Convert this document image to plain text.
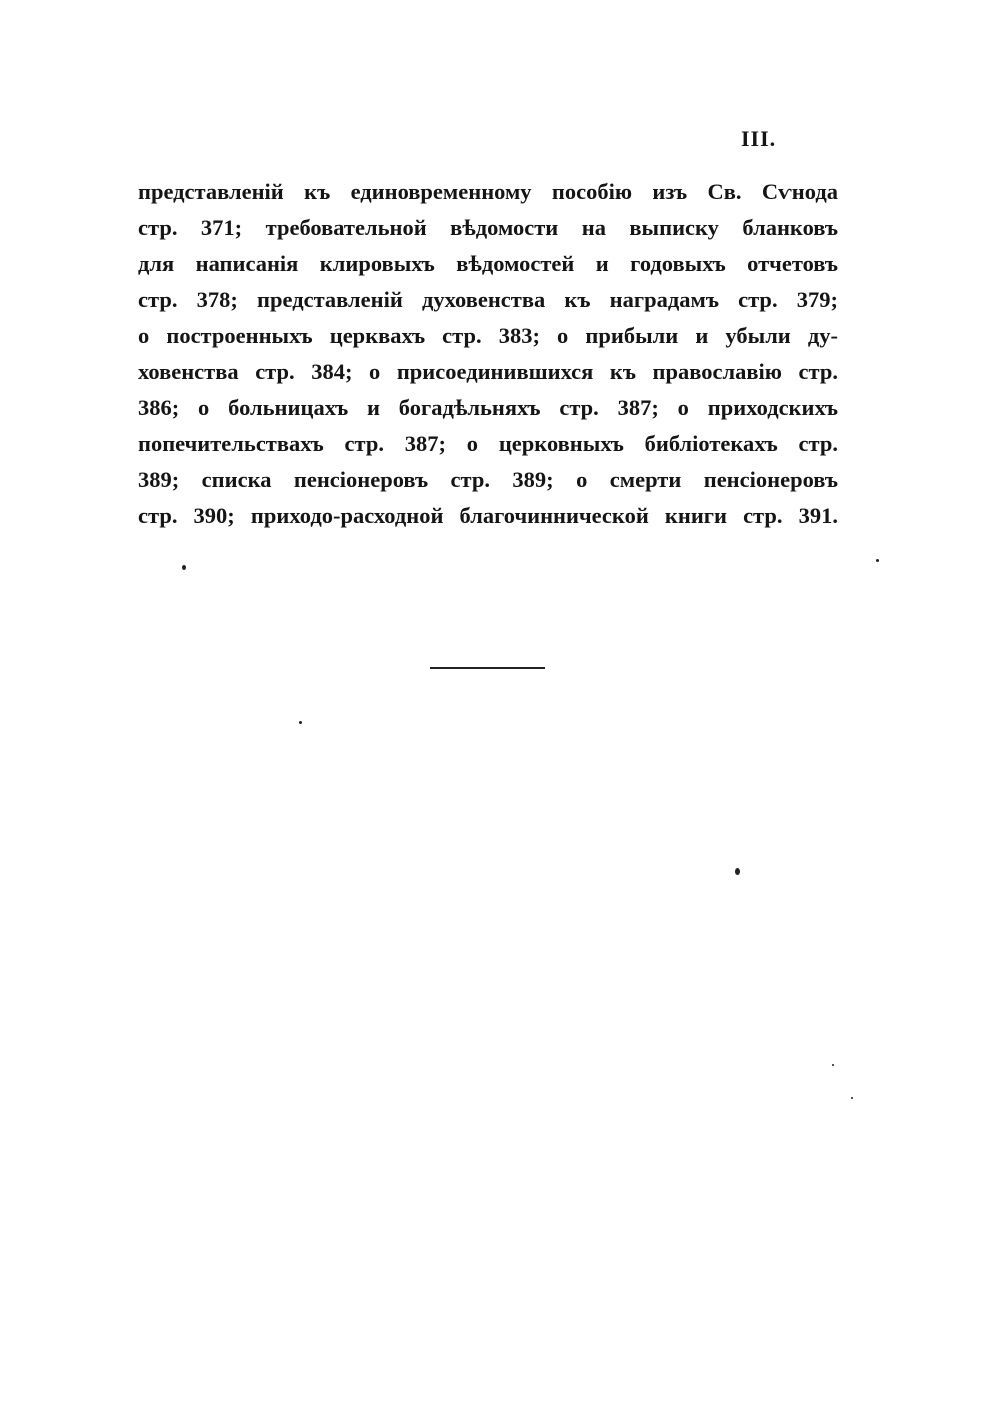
III.
представленій къ единовременному пособію изъ Св. Сѵнода
стр. 371; требовательной вѣдомости на выписку бланковъ
для написанія клировыхъ вѣдомостей и годовыхъ отчетовъ
стр. 378; представленій духовенства къ наградамъ стр. 379;
о построенныхъ церквахъ стр. 383; о прибыли и убыли ду-
ховенства стр. 384; о присоединившихся къ православію стр.
386; о больницахъ и богадѣльняхъ стр. 387; о приходскихъ
попечительствахъ стр. 387; о церковныхъ библіотекахъ стр.
389; списка пенсіонеровъ стр. 389; о смерти пенсіонеровъ
стр. 390; приходо-расходной благочиннической книги стр. 391.
